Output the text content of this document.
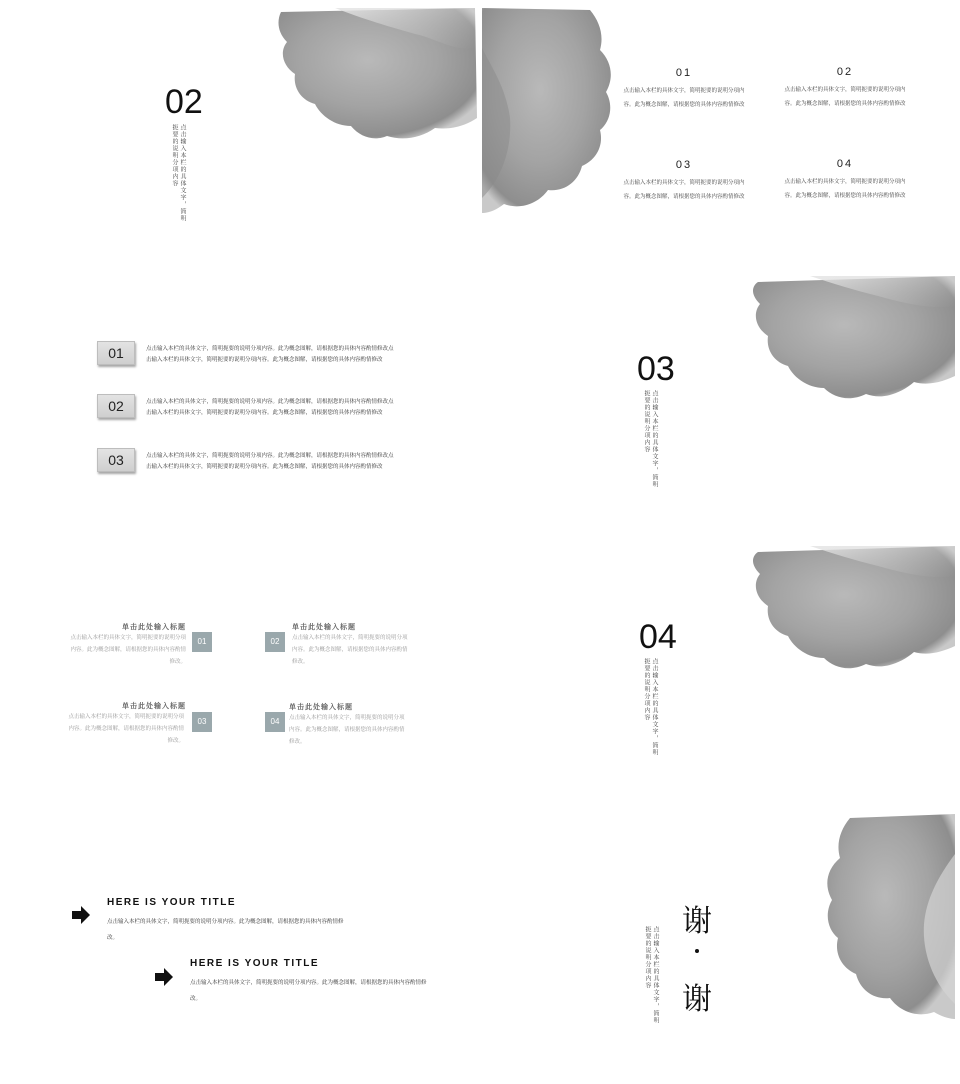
02
点击输入本栏的具体文字，简明扼要的说明分项内容
01
点击输入本栏的具体文字，简明扼要的说明分项内容。此为概念图解，请根据您的具体内容酌情修改
02
点击输入本栏的具体文字，简明扼要的说明分项内容。此为概念图解，请根据您的具体内容酌情修改
03
点击输入本栏的具体文字，简明扼要的说明分项内容。此为概念图解，请根据您的具体内容酌情修改
04
点击输入本栏的具体文字，简明扼要的说明分项内容。此为概念图解，请根据您的具体内容酌情修改
01	点击输入本栏的具体文字，简明扼要的说明分项内容。此为概念图解，请根据您的具体内容酌情修改点
击输入本栏的具体文字，简明扼要的说明分项内容。此为概念图解，请根据您的具体内容酌情修改
02	点击输入本栏的具体文字，简明扼要的说明分项内容。此为概念图解，请根据您的具体内容酌情修改点
击输入本栏的具体文字，简明扼要的说明分项内容。此为概念图解，请根据您的具体内容酌情修改
03	点击输入本栏的具体文字，简明扼要的说明分项内容。此为概念图解，请根据您的具体内容酌情修改点
击输入本栏的具体文字，简明扼要的说明分项内容。此为概念图解，请根据您的具体内容酌情修改
03
点击输入本栏的具体文字，简明扼要的说明分项内容
单击此处输入标题
点击输入本栏的具体文字，简明扼要的说明分项内容。此为概念图解，请根据您的具体内容酌情修改。
01	02
单击此处输入标题
点击输入本栏的具体文字，简明扼要的说明分项内容。此为概念图解，请根据您的具体内容酌情修改。
单击此处输入标题
点击输入本栏的具体文字，简明扼要的说明分项内容。此为概念图解，请根据您的具体内容酌情修改。
03	04
单击此处输入标题
点击输入本栏的具体文字，简明扼要的说明分项内容。此为概念图解，请根据您的具体内容酌情修改。
04
点击输入本栏的具体文字，简明扼要的说明分项内容
HERE IS YOUR TITLE
点击输入本栏的具体文字，简明扼要的说明分项内容。此为概念图解，请根据您的具体内容酌情修改。
HERE IS YOUR TITLE
点击输入本栏的具体文字，简明扼要的说明分项内容。此为概念图解，请根据您的具体内容酌情修改。
谢
谢
点击输入本栏的具体文字，简明扼要的说明分项内容
